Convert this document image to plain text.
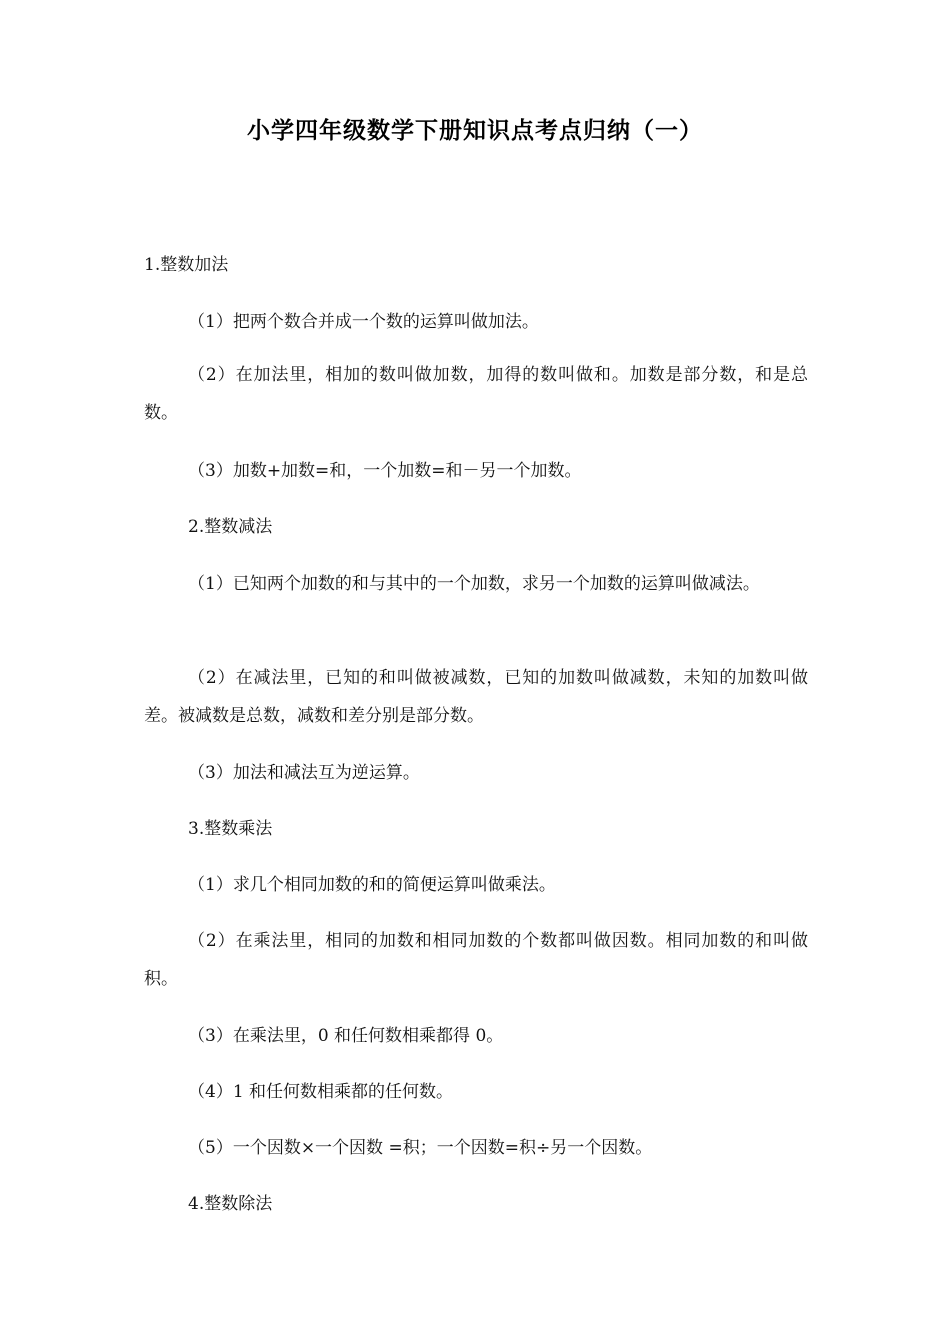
小学四年级数学下册知识点考点归纳（一）
1.整数加法
（1）把两个数合并成一个数的运算叫做加法。
（2）在加法里，相加的数叫做加数，加得的数叫做和。加数是部分数，和是总数。
（3）加数+加数=和，一个加数=和－另一个加数。
2.整数减法
（1）已知两个加数的和与其中的一个加数，求另一个加数的运算叫做减法。
（2）在减法里，已知的和叫做被减数，已知的加数叫做减数，未知的加数叫做差。被减数是总数，减数和差分别是部分数。
（3）加法和减法互为逆运算。
3.整数乘法
（1）求几个相同加数的和的简便运算叫做乘法。
（2）在乘法里，相同的加数和相同加数的个数都叫做因数。相同加数的和叫做积。
（3）在乘法里，0 和任何数相乘都得 0。
（4）1 和任何数相乘都的任何数。
（5）一个因数×一个因数 =积；一个因数=积÷另一个因数。
4.整数除法
